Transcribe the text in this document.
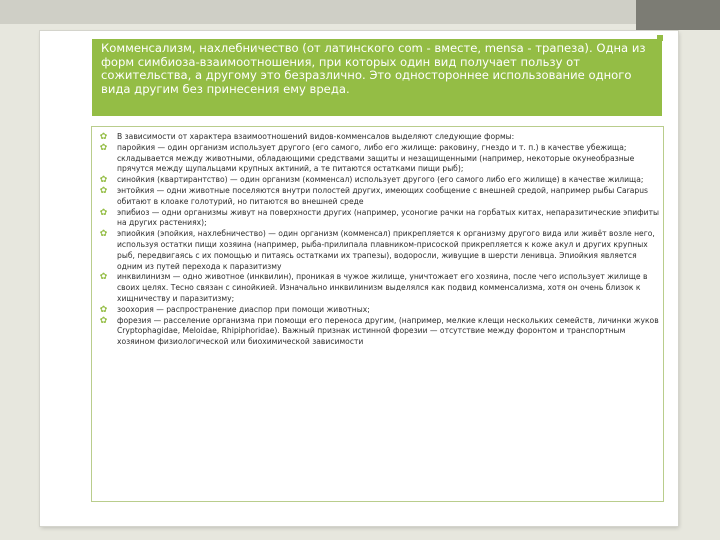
Комменсализм, нахлебничество (от латинского com - вместе, mensa - трапеза). Одна из форм симбиоза-взаимоотношения, при которых один вид получает пользу от сожительства, а другому это безразлично. Это одностороннее использование одного вида другим без принесения ему вреда.
✿ В зависимости от характера взаимоотношений видов-комменсалов выделяют следующие формы:
✿ паройкия — один организм использует другого (его самого, либо его жилище: раковину, гнездо и т. п.) в качестве убежища; складывается между животными, обладающими средствами защиты и незащищенными (например, некоторые окунеобразные прячутся между щупальцами крупных актиний, а те питаются остатками пищи рыб);
✿ синойкия (квартирантство) — один организм (комменсал) использует другого (его самого либо его жилище) в качестве жилища;
✿ энтойкия — одни животные поселяются внутри полостей других, имеющих сообщение с внешней средой, например рыбы Carapus обитают в клоаке голотурий, но питаются во внешней среде
✿ эпибиоз — одни организмы живут на поверхности других (например, усоногие рачки на горбатых китах, непаразитические эпифиты на других растениях);
✿ эпиойкия (эпойкия, нахлебничество) — один организм (комменсал) прикрепляется к организму другого вида или живёт возле него, используя остатки пищи хозяина (например, рыба-прилипала плавником-присоской прикрепляется к коже акул и других крупных рыб, передвигаясь с их помощью и питаясь остатками их трапезы), водоросли, живущие в шерсти ленивца. Эпиойкия является одним из путей перехода к паразитизму
✿ инквилинизм — одно животное (инквилин), проникая в чужое жилище, уничтожает его хозяина, после чего использует жилище в своих целях. Тесно связан с синойкией. Изначально инквилинизм выделялся как подвид комменсализма, хотя он очень близок к хищничеству и паразитизму;
✿ зоохория — распространение диаспор при помощи животных;
✿ форезия — расселение организма при помощи его переноса другим, (например, мелкие клещи нескольких семейств, личинки жуков Cryptophagidae, Meloidae, Rhipiphoridae). Важный признак истинной форезии — отсутствие между форонтом и транспортным хозяином физиологической или биохимической зависимости
